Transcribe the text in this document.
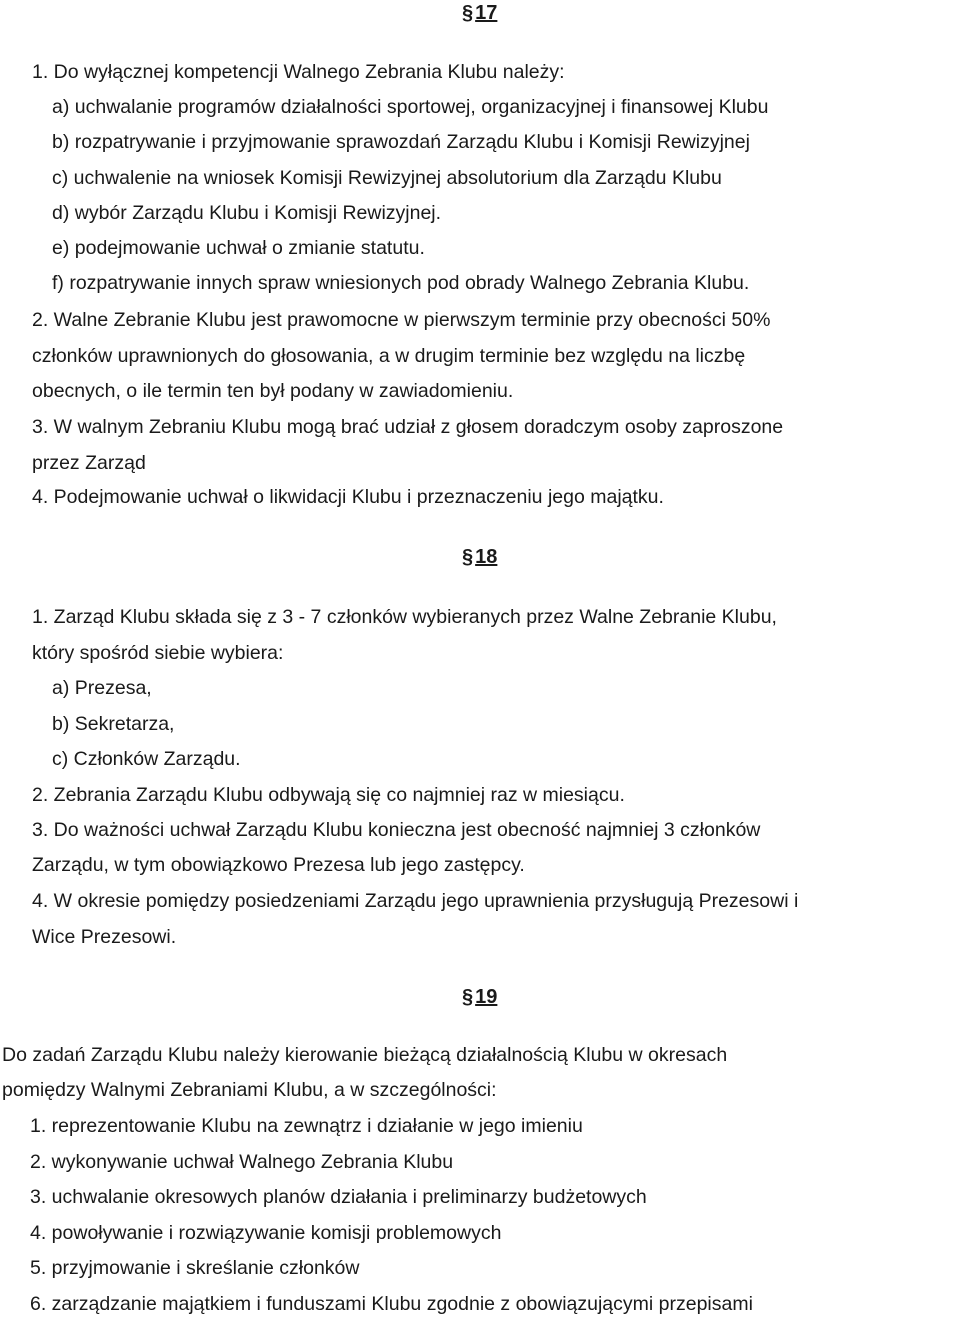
§ 17

1. Do wyłącznej kompetencji Walnego Zebrania Klubu należy:

a) uchwalanie programów działalności sportowej, organizacyjnej i finansowej Klubu

b) rozpatrywanie i przyjmowanie sprawozdań Zarządu Klubu i Komisji Rewizyjnej

c) uchwalenie na wniosek Komisji Rewizyjnej absolutorium dla Zarządu Klubu

d) wybór Zarządu Klubu i Komisji Rewizyjnej.

e) podejmowanie uchwał o zmianie statutu.

f) rozpatrywanie innych spraw wniesionych pod obrady Walnego Zebrania Klubu.

2. Walne Zebranie Klubu jest prawomocne w pierwszym terminie przy obecności 50%

członków uprawnionych do głosowania, a w drugim terminie bez względu na liczbę

obecnych, o ile termin ten był podany w zawiadomieniu.

3. W walnym Zebraniu Klubu mogą brać udział z głosem doradczym osoby zaproszone

przez Zarząd

4. Podejmowanie uchwał o likwidacji Klubu i przeznaczeniu jego majątku.

§ 18

1. Zarząd Klubu składa się z 3 - 7 członków wybieranych przez Walne Zebranie Klubu,

który spośród siebie wybiera:

a) Prezesa,

b) Sekretarza,

c) Członków Zarządu.

2. Zebrania Zarządu Klubu odbywają się co najmniej raz w miesiącu.

3. Do ważności uchwał Zarządu Klubu konieczna jest obecność najmniej 3 członków

Zarządu, w tym obowiązkowo Prezesa lub jego zastępcy.

4. W okresie pomiędzy posiedzeniami Zarządu jego uprawnienia przysługują Prezesowi i

Wice Prezesowi.

§ 19

Do zadań Zarządu Klubu należy kierowanie bieżącą działalnością Klubu w okresach

pomiędzy Walnymi Zebraniami Klubu, a w szczególności:

1. reprezentowanie Klubu na zewnątrz i działanie w jego imieniu

2. wykonywanie uchwał Walnego Zebrania Klubu

3. uchwalanie okresowych planów działania i preliminarzy budżetowych

4. powoływanie i rozwiązywanie komisji problemowych

5. przyjmowanie i skreślanie członków

6. zarządzanie majątkiem i funduszami Klubu zgodnie z obowiązującymi przepisami
